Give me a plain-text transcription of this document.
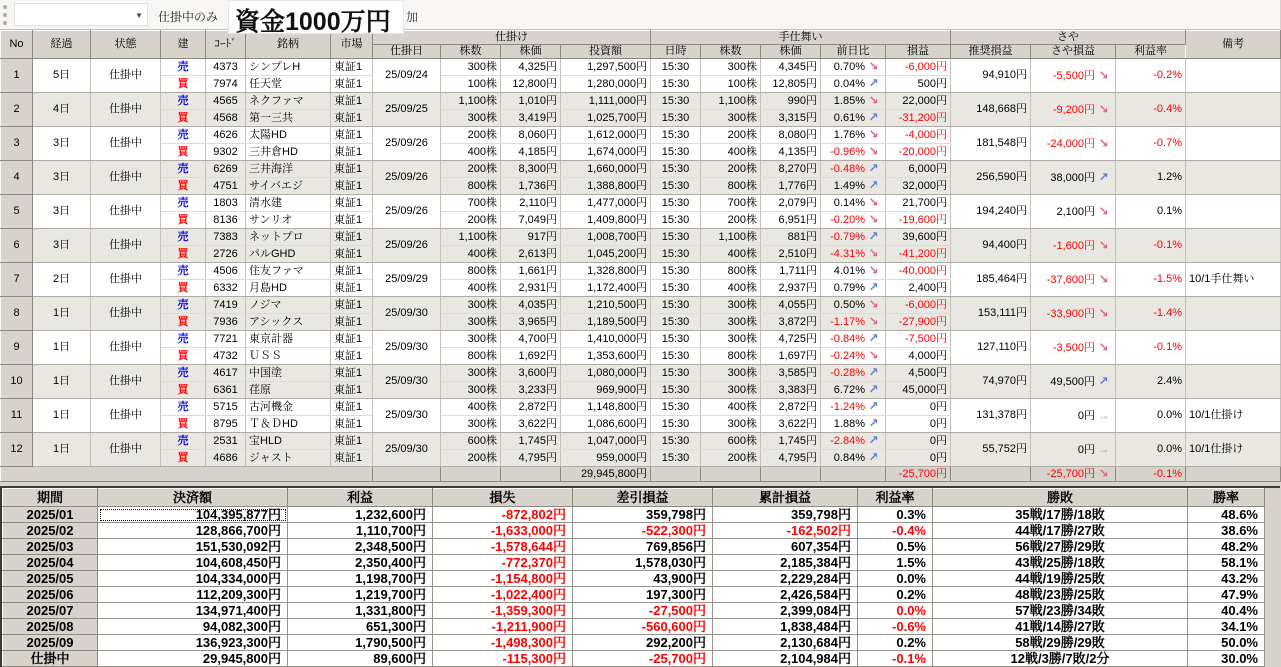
▼ 仕掛中のみ 資金1000万円	加
No	経過	状態	建	ｺｰﾄﾞ	銘柄	市場	仕掛け				手仕舞い					さや			備考
							仕掛日	株数	株価	投資額	日時	株数	株価	前日比	損益	推奨損益	さや損益	利益率	
1	5日	仕掛中	売	4373	シンプレH	東証1	25/09/24	300株	4,325円	1,297,500円	15:30	300株	4,345円	0.70% ↘	-6,000円	94,910円	-5,500円 ↘	-0.2%	
			買	7974	任天堂	東証1		100株	12,800円	1,280,000円	15:30	100株	12,805円	0.04% ↗	500円				
2	4日	仕掛中	売	4565	ネクファマ	東証1	25/09/25	1,100株	1,010円	1,111,000円	15:30	1,100株	990円	1.85% ↘	22,000円	148,668円	-9,200円 ↘	-0.4%	
			買	4568	第一三共	東証1		300株	3,419円	1,025,700円	15:30	300株	3,315円	0.61% ↗	-31,200円				
3	3日	仕掛中	売	4626	太陽HD	東証1	25/09/26	200株	8,060円	1,612,000円	15:30	200株	8,080円	1.76% ↘	-4,000円	181,548円	-24,000円 ↘	-0.7%	
			買	9302	三井倉HD	東証1		400株	4,185円	1,674,000円	15:30	400株	4,135円	-0.96% ↘	-20,000円				
4	3日	仕掛中	売	6269	三井海洋	東証1	25/09/26	200株	8,300円	1,660,000円	15:30	200株	8,270円	-0.48% ↗	6,000円	256,590円	38,000円 ↗	1.2%	
			買	4751	サイバエジ	東証1		800株	1,736円	1,388,800円	15:30	800株	1,776円	1.49% ↗	32,000円				
5	3日	仕掛中	売	1803	清水建	東証1	25/09/26	700株	2,110円	1,477,000円	15:30	700株	2,079円	0.14% ↘	21,700円	194,240円	2,100円 ↘	0.1%	
			買	8136	サンリオ	東証1		200株	7,049円	1,409,800円	15:30	200株	6,951円	-0.20% ↘	-19,600円				
6	3日	仕掛中	売	7383	ネットプロ	東証1	25/09/26	1,100株	917円	1,008,700円	15:30	1,100株	881円	-0.79% ↗	39,600円	94,400円	-1,600円 ↘	-0.1%	
			買	2726	パルGHD	東証1		400株	2,613円	1,045,200円	15:30	400株	2,510円	-4.31% ↘	-41,200円				
7	2日	仕掛中	売	4506	住友ファマ	東証1	25/09/29	800株	1,661円	1,328,800円	15:30	800株	1,711円	4.01% ↘	-40,000円	185,464円	-37,600円 ↘	-1.5%	10/1手仕舞い
			買	6332	月島HD	東証1		400株	2,931円	1,172,400円	15:30	400株	2,937円	0.79% ↗	2,400円				
8	1日	仕掛中	売	7419	ノジマ	東証1	25/09/30	300株	4,035円	1,210,500円	15:30	300株	4,055円	0.50% ↘	-6,000円	153,111円	-33,900円 ↘	-1.4%	
			買	7936	アシックス	東証1		300株	3,965円	1,189,500円	15:30	300株	3,872円	-1.17% ↘	-27,900円				
9	1日	仕掛中	売	7721	東京計器	東証1	25/09/30	300株	4,700円	1,410,000円	15:30	300株	4,725円	-0.84% ↗	-7,500円	127,110円	-3,500円 ↘	-0.1%	
			買	4732	ＵＳＳ	東証1		800株	1,692円	1,353,600円	15:30	800株	1,697円	-0.24% ↘	4,000円				
10	1日	仕掛中	売	4617	中国塗	東証1	25/09/30	300株	3,600円	1,080,000円	15:30	300株	3,585円	-0.28% ↗	4,500円	74,970円	49,500円 ↗	2.4%	
			買	6361	荏原	東証1		300株	3,233円	969,900円	15:30	300株	3,383円	6.72% ↗	45,000円				
11	1日	仕掛中	売	5715	古河機金	東証1	25/09/30	400株	2,872円	1,148,800円	15:30	400株	2,872円	-1.24% ↗	0円	131,378円	0円 →	0.0%	10/1仕掛け
			買	8795	Ｔ＆ＤHD	東証1		300株	3,622円	1,086,600円	15:30	300株	3,622円	1.88% ↗	0円				
12	1日	仕掛中	売	2531	宝HLD	東証1	25/09/30	600株	1,745円	1,047,000円	15:30	600株	1,745円	-2.84% ↗	0円	55,752円	0円 →	0.0%	10/1仕掛け
			買	4686	ジャスト	東証1		200株	4,795円	959,000円	15:30	200株	4,795円	0.84% ↗	0円				
										29,945,800円					-25,700円		-25,700円 ↘	-0.1%	
期間	決済額	利益	損失	差引損益	累計損益	利益率	勝敗	勝率	
2025/01	104,395,877円	1,232,600円	-872,802円	359,798円	359,798円	0.3%	35戦/17勝/18敗	48.6%	
2025/02	128,866,700円	1,110,700円	-1,633,000円	-522,300円	-162,502円	-0.4%	44戦/17勝/27敗	38.6%	
2025/03	151,530,092円	2,348,500円	-1,578,644円	769,856円	607,354円	0.5%	56戦/27勝/29敗	48.2%	
2025/04	104,608,450円	2,350,400円	-772,370円	1,578,030円	2,185,384円	1.5%	43戦/25勝/18敗	58.1%	
2025/05	104,334,000円	1,198,700円	-1,154,800円	43,900円	2,229,284円	0.0%	44戦/19勝/25敗	43.2%	
2025/06	112,209,300円	1,219,700円	-1,022,400円	197,300円	2,426,584円	0.2%	48戦/23勝/25敗	47.9%	
2025/07	134,971,400円	1,331,800円	-1,359,300円	-27,500円	2,399,084円	0.0%	57戦/23勝/34敗	40.4%	
2025/08	94,082,300円	651,300円	-1,211,900円	-560,600円	1,838,484円	-0.6%	41戦/14勝/27敗	34.1%	
2025/09	136,923,300円	1,790,500円	-1,498,300円	292,200円	2,130,684円	0.2%	58戦/29勝/29敗	50.0%	
仕掛中	29,945,800円	89,600円	-115,300円	-25,700円	2,104,984円	-0.1%	12戦/3勝/7敗/2分	30.0%	
